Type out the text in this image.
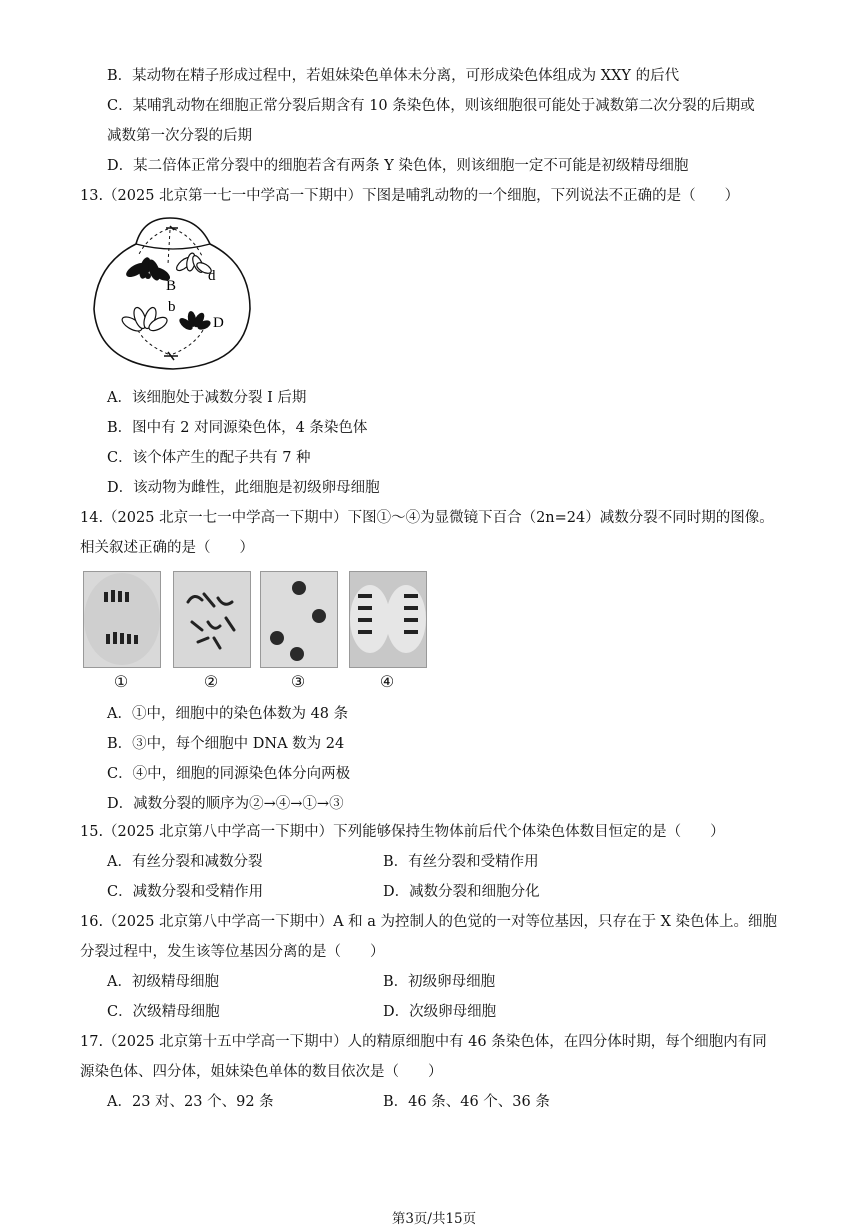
B．某动物在精子形成过程中，若姐妹染色单体未分离，可形成染色体组成为 XXY 的后代
C．某哺乳动物在细胞正常分裂后期含有 10 条染色体，则该细胞很可能处于减数第二次分裂的后期或
减数第一次分裂的后期
D．某二倍体正常分裂中的细胞若含有两条 Y 染色体，则该细胞一定不可能是初级精母细胞
13.（2025 北京第一七一中学高一下期中）下图是哺乳动物的一个细胞，下列说法不正确的是（　　）
B
d
b
D
A．该细胞处于减数分裂 I 后期
B．图中有 2 对同源染色体，4 条染色体
C．该个体产生的配子共有 7 种
D．该动物为雌性，此细胞是初级卵母细胞
14.（2025 北京一七一中学高一下期中）下图①～④为显微镜下百合（2n=24）减数分裂不同时期的图像。
相关叙述正确的是（　　）
①	②	③	④
A．①中，细胞中的染色体数为 48 条
B．③中，每个细胞中 DNA 数为 24
C．④中，细胞的同源染色体分向两极
D．减数分裂的顺序为②→④→①→③
15.（2025 北京第八中学高一下期中）下列能够保持生物体前后代个体染色体数目恒定的是（　　）
A．有丝分裂和减数分裂	B．有丝分裂和受精作用
C．减数分裂和受精作用	D．减数分裂和细胞分化
16.（2025 北京第八中学高一下期中）A 和 a 为控制人的色觉的一对等位基因，只存在于 X 染色体上。细胞
分裂过程中，发生该等位基因分离的是（　　）
A．初级精母细胞	B．初级卵母细胞
C．次级精母细胞	D．次级卵母细胞
17.（2025 北京第十五中学高一下期中）人的精原细胞中有 46 条染色体，在四分体时期，每个细胞内有同
源染色体、四分体，姐妹染色单体的数目依次是（　　）
A．23 对、23 个、92 条	B．46 条、46 个、36 条
第3页/共15页
